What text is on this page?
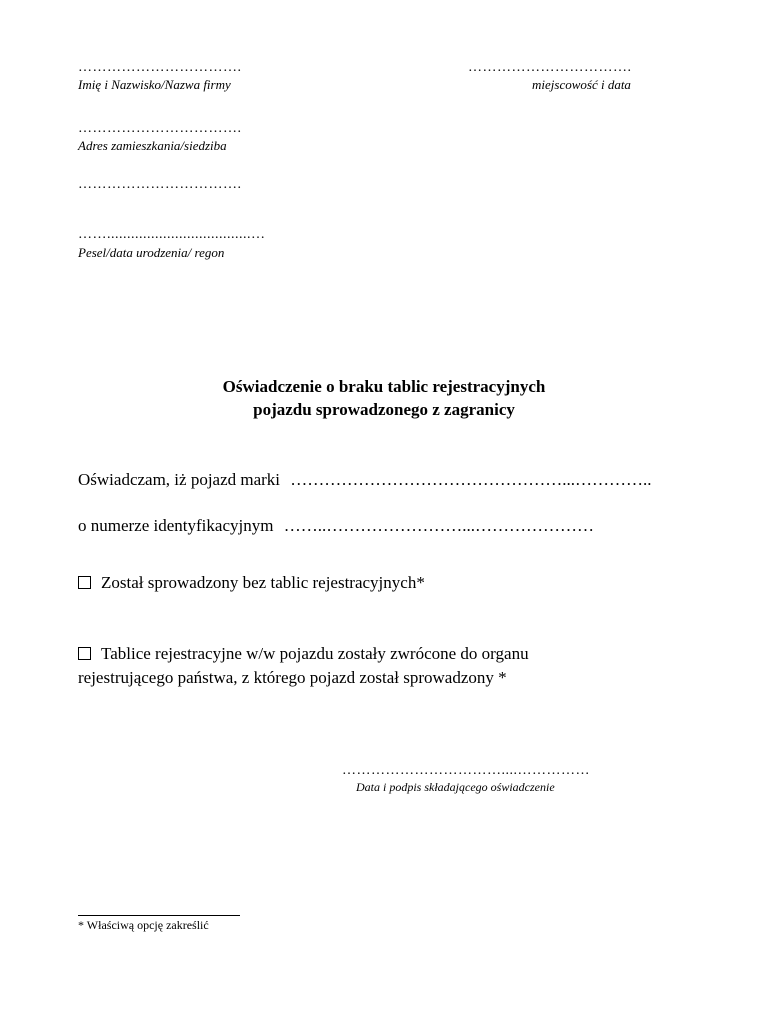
…………………………….
Imię i Nazwisko/Nazwa firmy
…………………………….
miejscowość i data
…………………………….
Adres zamieszkania/siedziba
…………………………….
……....................................…
Pesel/data urodzenia/ regon
Oświadczenie o braku tablic rejestracyjnych
pojazdu sprowadzonego z zagranicy
Oświadczam, iż pojazd marki …………………………………………...…………..
o numerze identyfikacyjnym ……..……………………...…………………
Został sprowadzony bez tablic rejestracyjnych*
Tablice rejestracyjne w/w pojazdu zostały zwrócone do organu
rejestrującego państwa, z którego pojazd został sprowadzony *
……………………………....……………
Data i podpis składającego oświadczenie
* Właściwą opcję zakreślić
